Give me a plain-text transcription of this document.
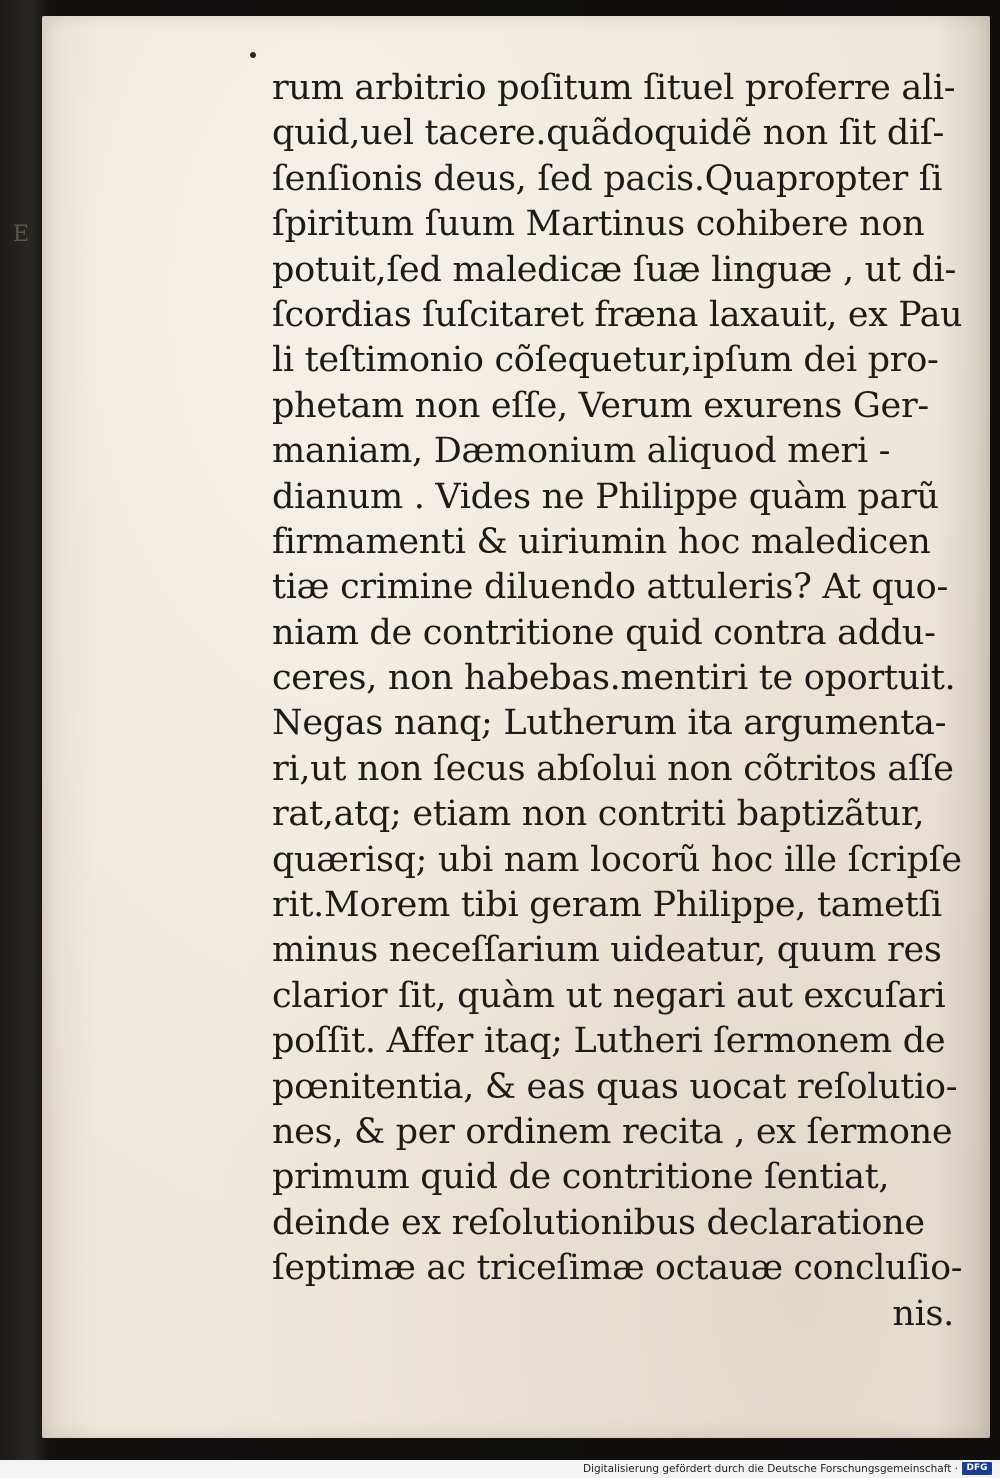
E
rum arbitrio poſitum ſituel proferre ali-
quid,uel tacere.quãdoquidẽ non ſit diſ-
ſenſionis deus, ſed pacis.Quapropter ſi
ſpiritum ſuum Martinus cohibere non
potuit,ſed maledicæ ſuæ linguæ , ut di-
ſcordias ſuſcitaret fræna laxauit, ex Pau
li teſtimonio cõſequetur,ipſum dei pro-
phetam non eſſe, Verum exurens Ger-
maniam, Dæmonium aliquod meri -
dianum . Vides ne Philippe quàm parũ
firmamenti & uiriumin hoc maledicen
tiæ crimine diluendo attuleris? At quo-
niam de contritione quid contra addu-
ceres, non habebas.mentiri te oportuit.
Negas nanq; Lutherum ita argumenta-
ri,ut non ſecus abſolui non cõtritos aſſe
rat,atq; etiam non contriti baptizãtur,
quærisq; ubi nam locorũ hoc ille ſcripſe
rit.Morem tibi geram Philippe, tametſi
minus neceſſarium uideatur, quum res
clarior ſit, quàm ut negari aut excuſari
poſſit. Affer itaq; Lutheri ſermonem de
pœnitentia, & eas quas uocat reſolutio-
nes, & per ordinem recita , ex ſermone
primum quid de contritione ſentiat,
deinde ex reſolutionibus declaratione
ſeptimæ ac triceſimæ octauæ concluſio-
nis.
Digitalisierung gefördert durch die Deutsche Forschungsgemeinschaft · DFG
